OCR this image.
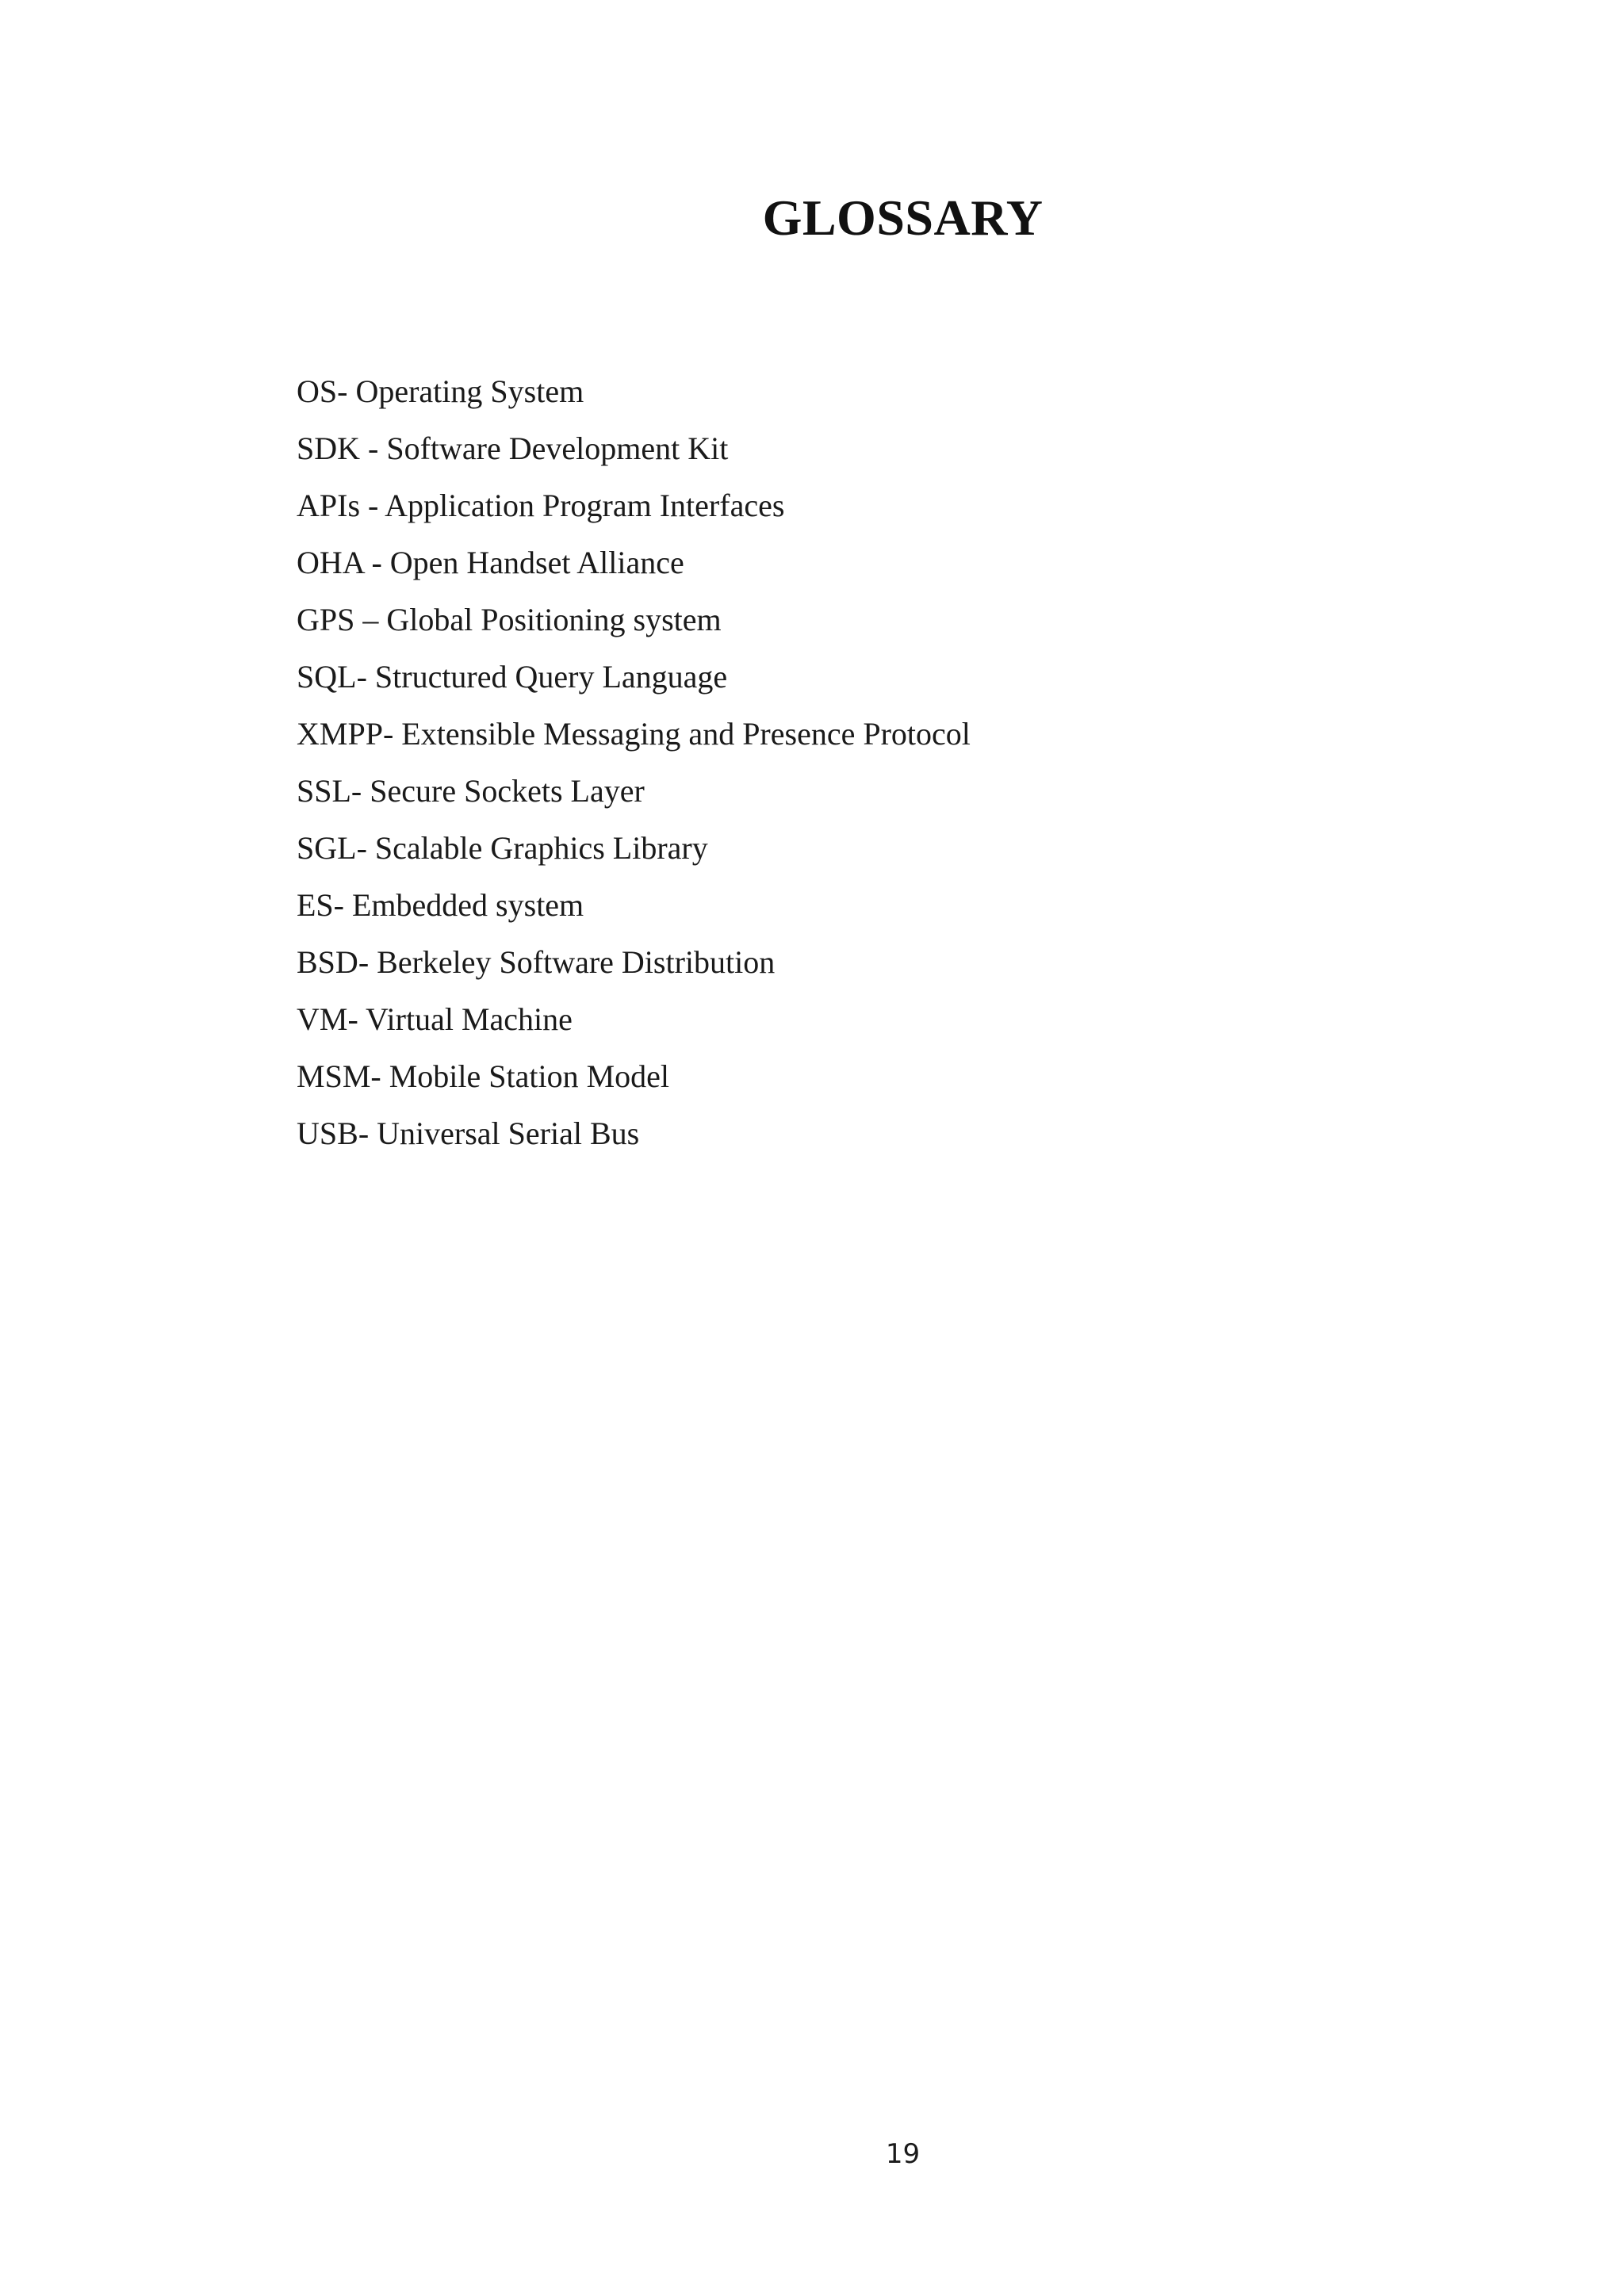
GLOSSARY
OS- Operating System
SDK - Software Development Kit
APIs - Application Program Interfaces
OHA - Open Handset Alliance
GPS – Global Positioning system
SQL- Structured Query Language
XMPP- Extensible Messaging and Presence Protocol
SSL- Secure Sockets Layer
SGL- Scalable Graphics Library
ES- Embedded system
BSD- Berkeley Software Distribution
VM- Virtual Machine
MSM- Mobile Station Model
USB- Universal Serial Bus
19
